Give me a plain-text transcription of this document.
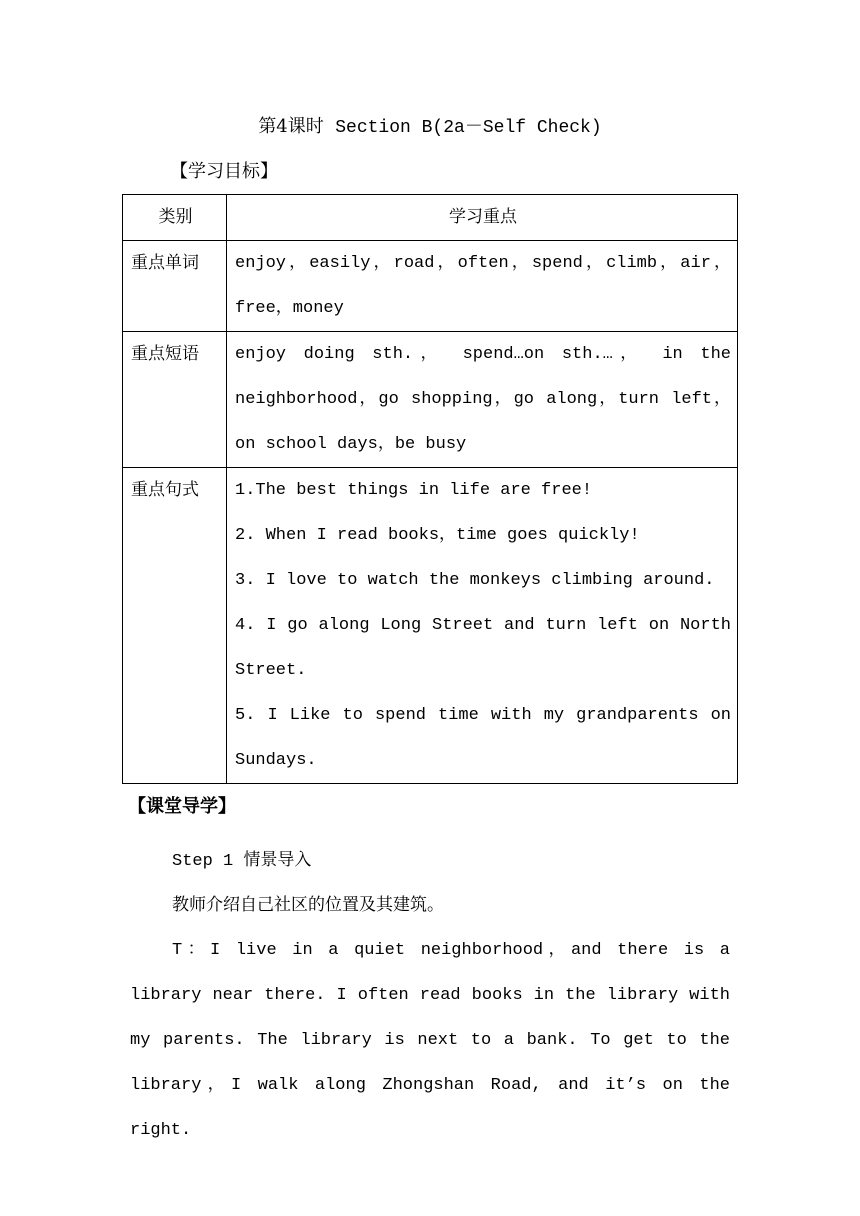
第4课时 Section B(2a－Self Check)
【学习目标】
类别	学习重点
重点单词	enjoy，easily，road，often，spend，climb，air，free，money

重点短语	enjoy doing sth.， spend…on sth.…， in the neighborhood，go shopping，go along，turn left，on school days，be busy

重点句式	1.The best things in life are free!
2. When I read books，time goes quickly!
3. I love to watch the monkeys climbing around.
4. I go along Long Street and turn left on North Street.
5. I Like to spend time with my grandparents on Sundays.
【课堂导学】
Step 1 情景导入
教师介绍自己社区的位置及其建筑。
T：I live in a quiet neighborhood，and there is a library near there. I often read books in the library with my parents. The library is next to a bank. To get to the library，I walk along Zhongshan Road, and it’s on the right.
